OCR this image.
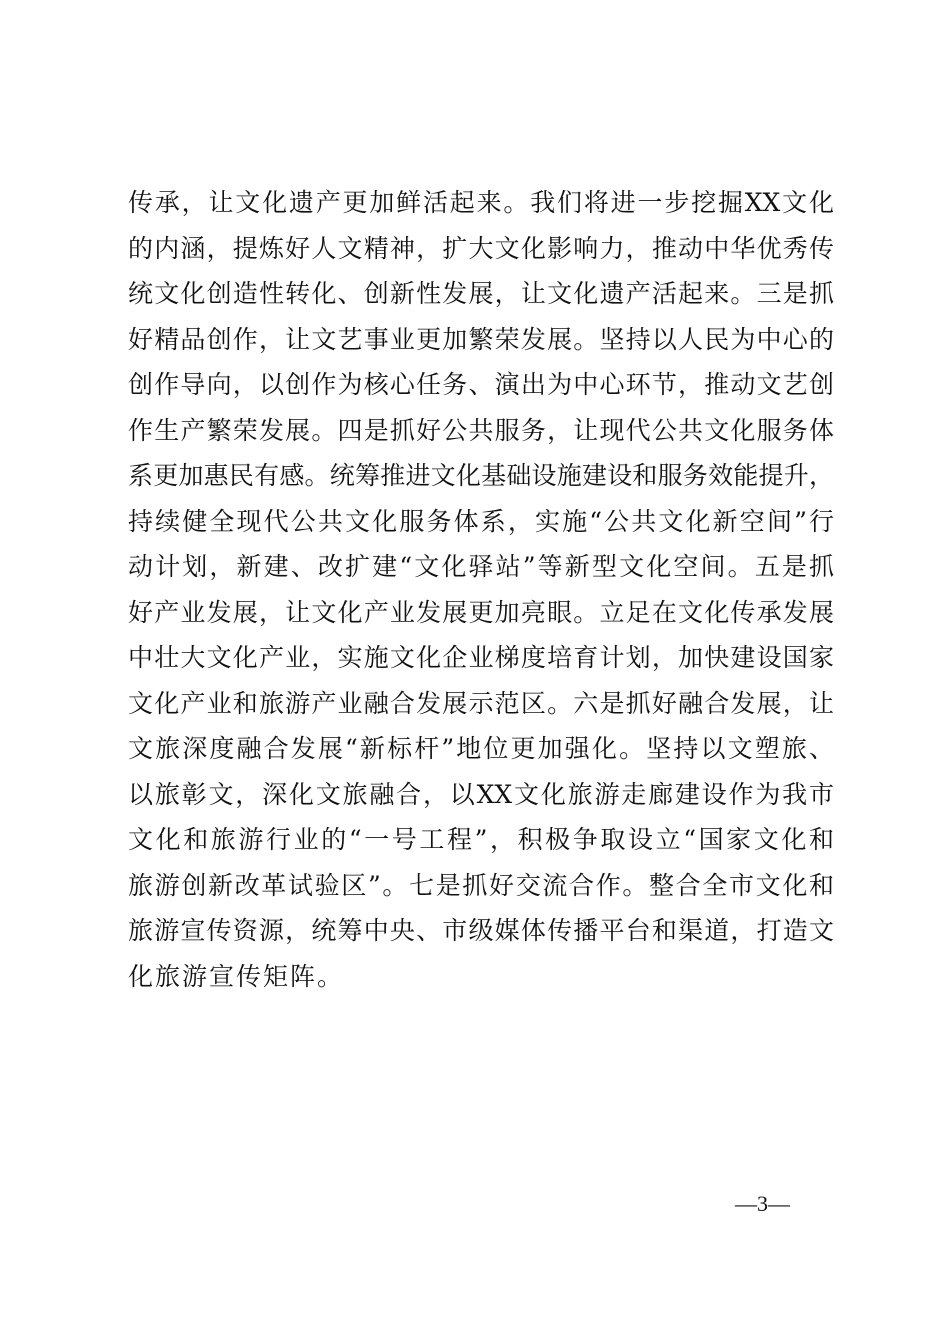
传承，让文化遗产更加鲜活起来。我们将进一步挖掘XX文化
的内涵，提炼好人文精神，扩大文化影响力，推动中华优秀传
统文化创造性转化、创新性发展，让文化遗产活起来。三是抓
好精品创作，让文艺事业更加繁荣发展。坚持以人民为中心的
创作导向，以创作为核心任务、演出为中心环节，推动文艺创
作生产繁荣发展。四是抓好公共服务，让现代公共文化服务体
系更加惠民有感。统筹推进文化基础设施建设和服务效能提升，
持续健全现代公共文化服务体系，实施“公共文化新空间”行
动计划，新建、改扩建“文化驿站”等新型文化空间。五是抓
好产业发展，让文化产业发展更加亮眼。立足在文化传承发展
中壮大文化产业，实施文化企业梯度培育计划，加快建设国家
文化产业和旅游产业融合发展示范区。六是抓好融合发展，让
文旅深度融合发展“新标杆”地位更加强化。坚持以文塑旅、
以旅彰文，深化文旅融合，以XX文化旅游走廊建设作为我市
文化和旅游行业的“一号工程”，积极争取设立“国家文化和
旅游创新改革试验区”。七是抓好交流合作。整合全市文化和
旅游宣传资源，统筹中央、市级媒体传播平台和渠道，打造文
化旅游宣传矩阵。
—3—
